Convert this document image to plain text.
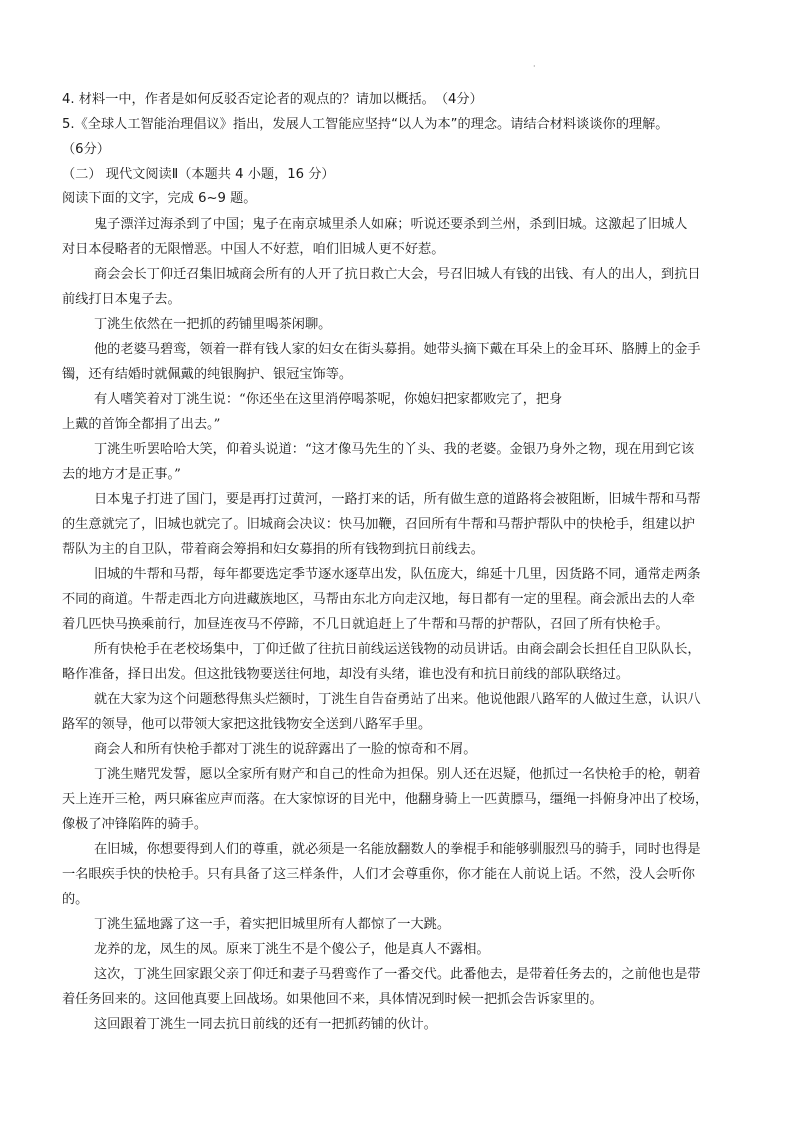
·
4. 材料一中，作者是如何反驳否定论者的观点的？请加以概括。　（4分）
5.《全球人工智能治理倡议》指出，发展人工智能应坚持“以人为本”的理念。请结合材料谈谈你的理解。
（6分）
（二） 现代文阅读Ⅱ（本题共 4 小题，16 分）
阅读下面的文字，完成 6~9 题。
鬼子漂洋过海杀到了中国；鬼子在南京城里杀人如麻；听说还要杀到兰州，杀到旧城。这激起了旧城人
对日本侵略者的无限憎恶。中国人不好惹，咱们旧城人更不好惹。
商会会长丁仰迁召集旧城商会所有的人开了抗日救亡大会，号召旧城人有钱的出钱、有人的出人，到抗日
前线打日本鬼子去。
丁洮生依然在一把抓的药铺里喝茶闲聊。
他的老婆马碧鸾，领着一群有钱人家的妇女在街头募捐。她带头摘下戴在耳朵上的金耳环、胳膊上的金手
镯，还有结婚时就佩戴的纯银胸护、银冠宝饰等。
有人嗜笑着对丁洮生说：“你还坐在这里消停喝茶呢，你媳妇把家都败完了，把身
上戴的首饰全都捐了出去。”
丁洮生听罢哈哈大笑，仰着头说道：“这才像马先生的丫头、我的老婆。金银乃身外之物，现在用到它该
去的地方才是正事。”
日本鬼子打进了国门，要是再打过黄河，一路打来的话，所有做生意的道路将会被阻断，旧城牛帮和马帮
的生意就完了，旧城也就完了。旧城商会决议：快马加鞭，召回所有牛帮和马帮护帮队中的快枪手，组建以护
帮队为主的自卫队，带着商会筹捐和妇女募捐的所有钱物到抗日前线去。
旧城的牛帮和马帮，每年都要选定季节逐水逐草出发，队伍庞大，绵延十几里，因货路不同，通常走两条
不同的商道。牛帮走西北方向进藏族地区，马帮由东北方向走汉地，每日都有一定的里程。商会派出去的人牵
着几匹快马换乘前行，加昼连夜马不停蹄，不几日就追赶上了牛帮和马帮的护帮队，召回了所有快枪手。
所有快枪手在老校场集中，丁仰迁做了往抗日前线运送钱物的动员讲话。由商会副会长担任自卫队队长，
略作准备，择日出发。但这批钱物要送往何地，却没有头绪，谁也没有和抗日前线的部队联络过。
就在大家为这个问题愁得焦头烂额时，丁洮生自告奋勇站了出来。他说他跟八路军的人做过生意，认识八
路军的领导，他可以带领大家把这批钱物安全送到八路军手里。
商会人和所有快枪手都对丁洮生的说辞露出了一脸的惊奇和不屑。
丁洮生赌咒发誓，愿以全家所有财产和自己的性命为担保。别人还在迟疑，他抓过一名快枪手的枪，朝着
天上连开三枪，两只麻雀应声而落。在大家惊讶的目光中，他翻身骑上一匹黄膘马，缰绳一抖俯身冲出了校场，
像极了冲锋陷阵的骑手。
在旧城，你想要得到人们的尊重，就必须是一名能放翻数人的拳棍手和能够驯服烈马的骑手，同时也得是
一名眼疾手快的快枪手。只有具备了这三样条件，人们才会尊重你，你才能在人前说上话。不然，没人会听你
的。
丁洮生猛地露了这一手，着实把旧城里所有人都惊了一大跳。
龙养的龙，凤生的凤。原来丁洮生不是个傻公子，他是真人不露相。
这次，丁洮生回家跟父亲丁仰迁和妻子马碧鸾作了一番交代。此番他去，是带着任务去的，之前他也是带
着任务回来的。这回他真要上回战场。如果他回不来，具体情况到时候一把抓会告诉家里的。
这回跟着丁洮生一同去抗日前线的还有一把抓药铺的伙计。
